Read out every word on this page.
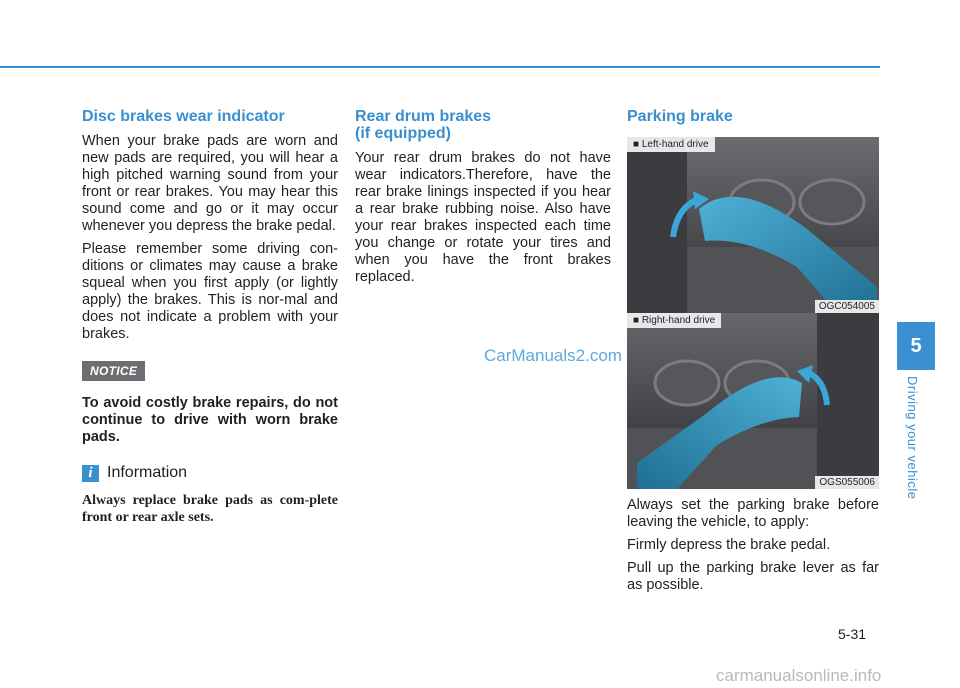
Disc brakes wear indicator

When your brake pads are worn and new pads are required, you will hear a high pitched warning sound from your front or rear brakes. You may hear this sound come and go or it may occur whenever you depress the brake pedal.

Please remember some driving con-ditions or climates may cause a brake squeal when you first apply (or lightly apply) the brakes. This is nor-mal and does not indicate a problem with your brakes.

NOTICE

To avoid costly brake repairs, do not continue to drive with worn brake pads.

i Information
Always replace brake pads as com-plete front or rear axle sets.
Rear drum brakes
(if equipped)

Your rear drum brakes do not have wear indicators.Therefore, have the rear brake linings inspected if you hear a rear brake rubbing noise. Also have your rear brakes inspected each time you change or rotate your tires and when you have the front brakes replaced.

Parking brake
■ Left-hand drive
OGC054005
■ Right-hand drive
OGS055006

Always set the parking brake before leaving the vehicle, to apply:

Firmly depress the brake pedal.

Pull up the parking brake lever as far as possible.

5
Driving your vehicle
5-31
CarManuals2.com
carmanualsonline.info
